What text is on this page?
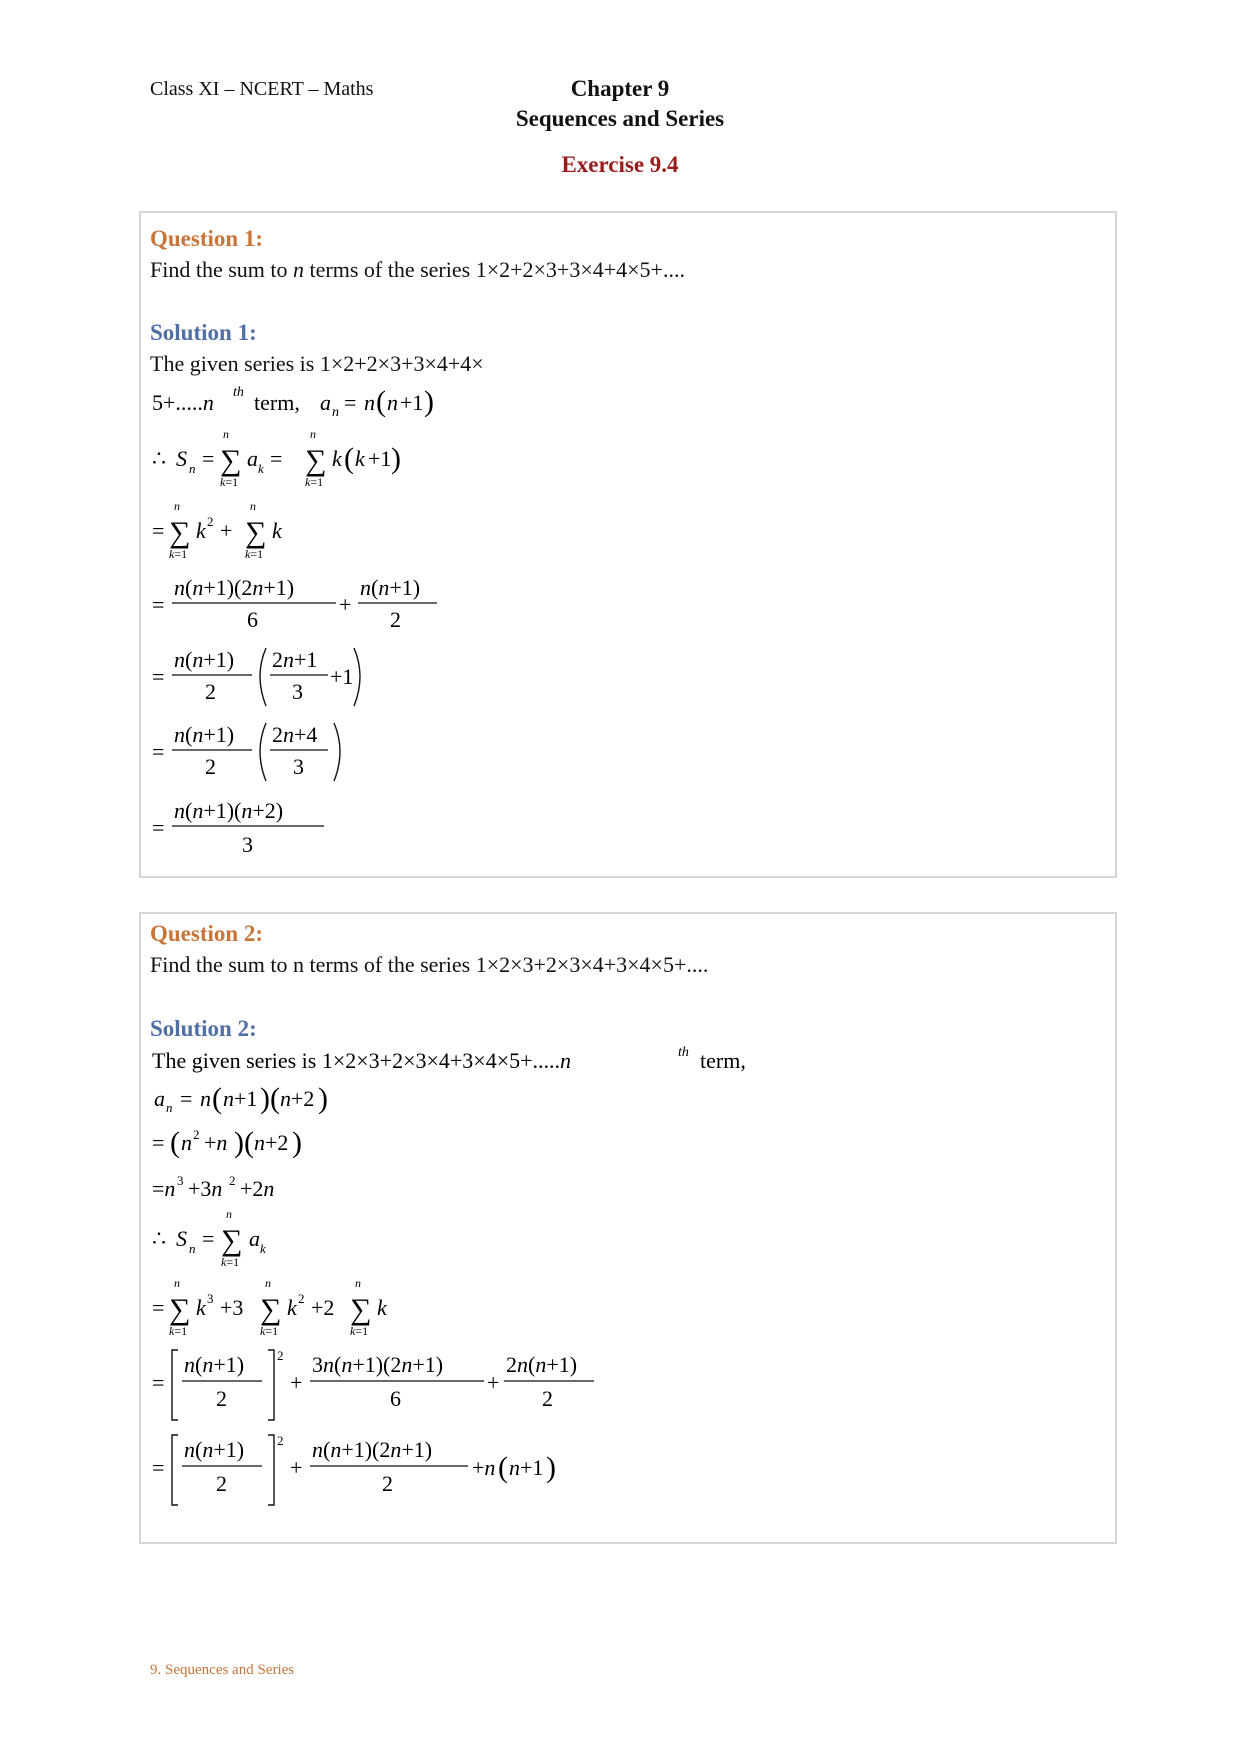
Class XI – NCERT – Maths	Chapter 9
Sequences and Series
Exercise 9.4
Question 1:
Find the sum to n terms of the series 1×2+2×3+3×4+4×5+....
Solution 1:
The given series is 1×2+2×3+3×4+4×
5+.....n th term, a n = n ( n +1 )
∴ S n =
n
∑
k=1
a k =
n
∑
k=1
k ( k +1 )
=
n
∑
k=1
k 2 +
n
∑
k=1
k
=
n(n+1)(2n+1)
6
+
n(n+1)
2
=
n(n+1)
2
2n+1
3
+1
=
n(n+1)
2
2n+4
3
=
n(n+1)(n+2)
3
Question 2:
Find the sum to n terms of the series 1×2×3+2×3×4+3×4×5+....
Solution 2:
The given series is 1×2×3+2×3×4+3×4×5+.....n	th term,
a n = n ( n+1 )( n+2 )
= ( n 2 +n )( n+2 )
=n 3 +3n 2 +2n
∴ S n =
n
∑
k=1
a k
=
n
∑
k=1
k 3 +3
n
∑
k=1
k 2 +2
n
∑
k=1
k
=
n(n+1)
2
2
+
3n(n+1)(2n+1)
6
+
2n(n+1)
2
=
n(n+1)
2
2
+
n(n+1)(2n+1)
2
+n ( n+1 )
9. Sequences and Series
